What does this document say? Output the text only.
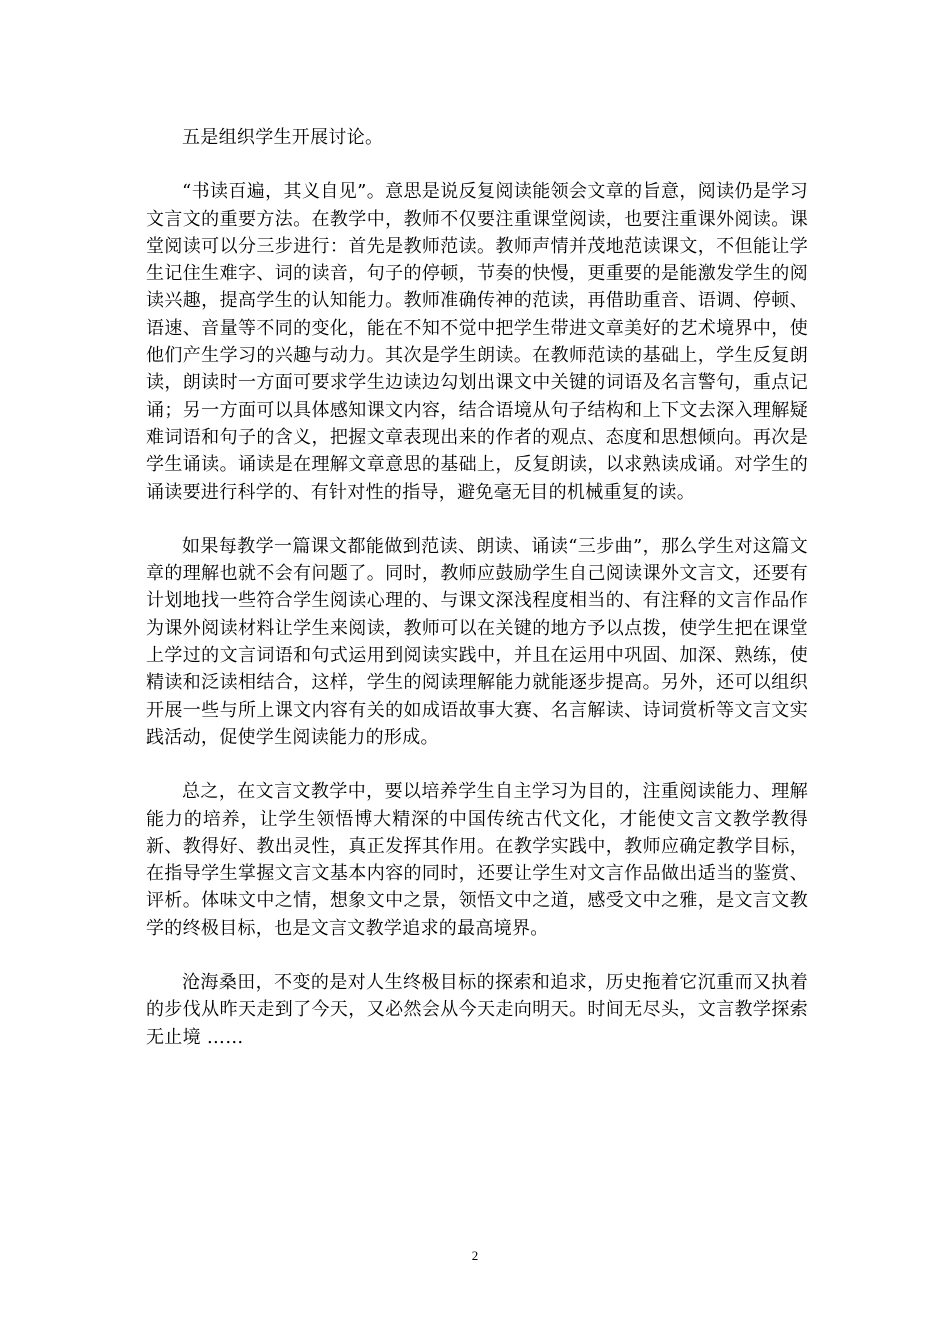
五是组织学生开展讨论。

“书读百遍，其义自见”。意思是说反复阅读能领会文章的旨意，阅读仍是学习文言文的重要方法。在教学中，教师不仅要注重课堂阅读，也要注重课外阅读。课堂阅读可以分三步进行：首先是教师范读。教师声情并茂地范读课文，不但能让学生记住生难字、词的读音，句子的停顿，节奏的快慢，更重要的是能激发学生的阅读兴趣，提高学生的认知能力。教师准确传神的范读，再借助重音、语调、停顿、语速、音量等不同的变化，能在不知不觉中把学生带进文章美好的艺术境界中，使他们产生学习的兴趣与动力。其次是学生朗读。在教师范读的基础上，学生反复朗读，朗读时一方面可要求学生边读边勾划出课文中关键的词语及名言警句，重点记诵；另一方面可以具体感知课文内容，结合语境从句子结构和上下文去深入理解疑难词语和句子的含义，把握文章表现出来的作者的观点、态度和思想倾向。再次是学生诵读。诵读是在理解文章意思的基础上，反复朗读，以求熟读成诵。对学生的诵读要进行科学的、有针对性的指导，避免毫无目的机械重复的读。

如果每教学一篇课文都能做到范读、朗读、诵读“三步曲”，那么学生对这篇文章的理解也就不会有问题了。同时，教师应鼓励学生自己阅读课外文言文，还要有计划地找一些符合学生阅读心理的、与课文深浅程度相当的、有注释的文言作品作为课外阅读材料让学生来阅读，教师可以在关键的地方予以点拨，使学生把在课堂上学过的文言词语和句式运用到阅读实践中，并且在运用中巩固、加深、熟练，使精读和泛读相结合，这样，学生的阅读理解能力就能逐步提高。另外，还可以组织开展一些与所上课文内容有关的如成语故事大赛、名言解读、诗词赏析等文言文实践活动，促使学生阅读能力的形成。

总之，在文言文教学中，要以培养学生自主学习为目的，注重阅读能力、理解能力的培养，让学生领悟博大精深的中国传统古代文化，才能使文言文教学教得新、教得好、教出灵性，真正发挥其作用。在教学实践中，教师应确定教学目标，在指导学生掌握文言文基本内容的同时，还要让学生对文言作品做出适当的鉴赏、评析。体味文中之情，想象文中之景，领悟文中之道，感受文中之雅，是文言文教学的终极目标，也是文言文教学追求的最高境界。

沧海桑田，不变的是对人生终极目标的探索和追求，历史拖着它沉重而又执着的步伐从昨天走到了今天，又必然会从今天走向明天。时间无尽头，文言教学探索无止境 ……

2
